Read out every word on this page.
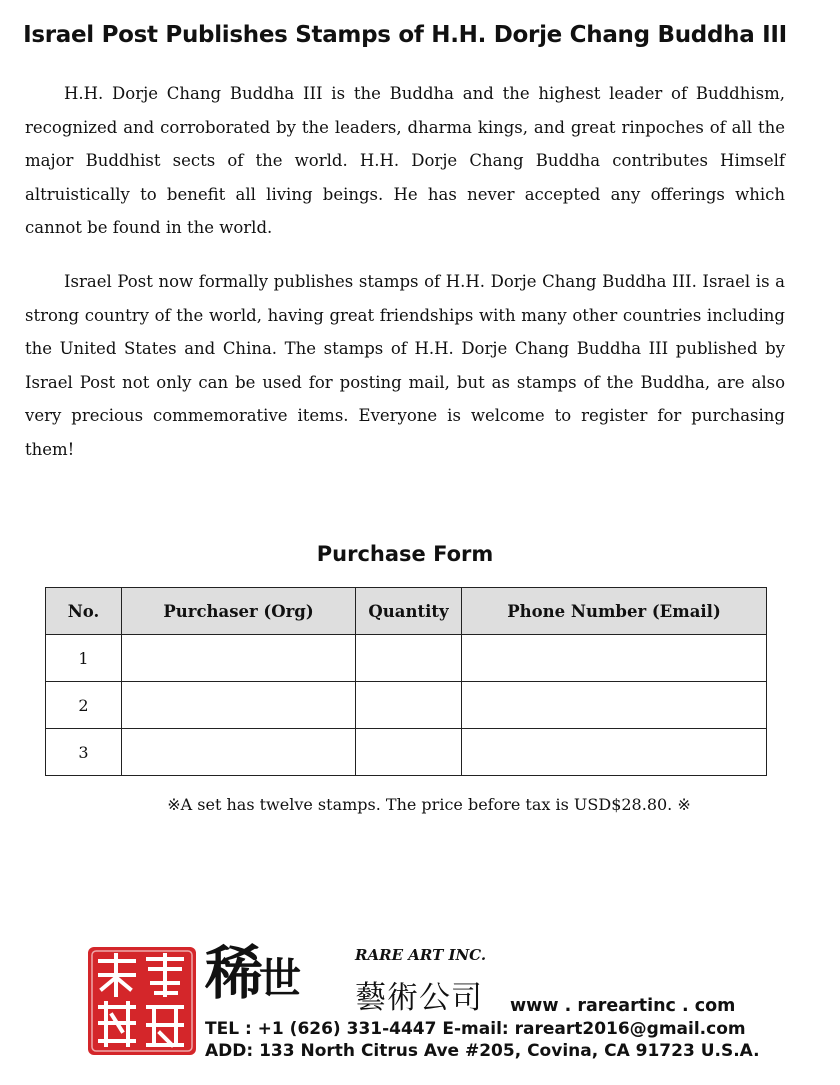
Israel Post Publishes Stamps of H.H. Dorje Chang Buddha III

H.H. Dorje Chang Buddha III is the Buddha and the highest leader of Buddhism, recognized and corroborated by the leaders, dharma kings, and great rinpoches of all the major Buddhist sects of the world. H.H. Dorje Chang Buddha contributes Himself altruistically to benefit all living beings. He has never accepted any offerings which cannot be found in the world.

Israel Post now formally publishes stamps of H.H. Dorje Chang Buddha III. Israel is a strong country of the world, having great friendships with many other countries including the United States and China. The stamps of H.H. Dorje Chang Buddha III published by Israel Post not only can be used for posting mail, but as stamps of the Buddha, are also very precious commemorative items. Everyone is welcome to register for purchasing them!

Purchase Form
No.	Purchaser (Org)	Quantity	Phone Number (Email)
1			
2			
3			
※A set has twelve stamps. The price before tax is USD$28.80. ※
稀世	RARE ART INC.
藝術公司 www . rareartinc . com
TEL : +1 (626) 331-4447 E-mail: rareart2016@gmail.com
ADD: 133 North Citrus Ave #205, Covina, CA 91723 U.S.A.
